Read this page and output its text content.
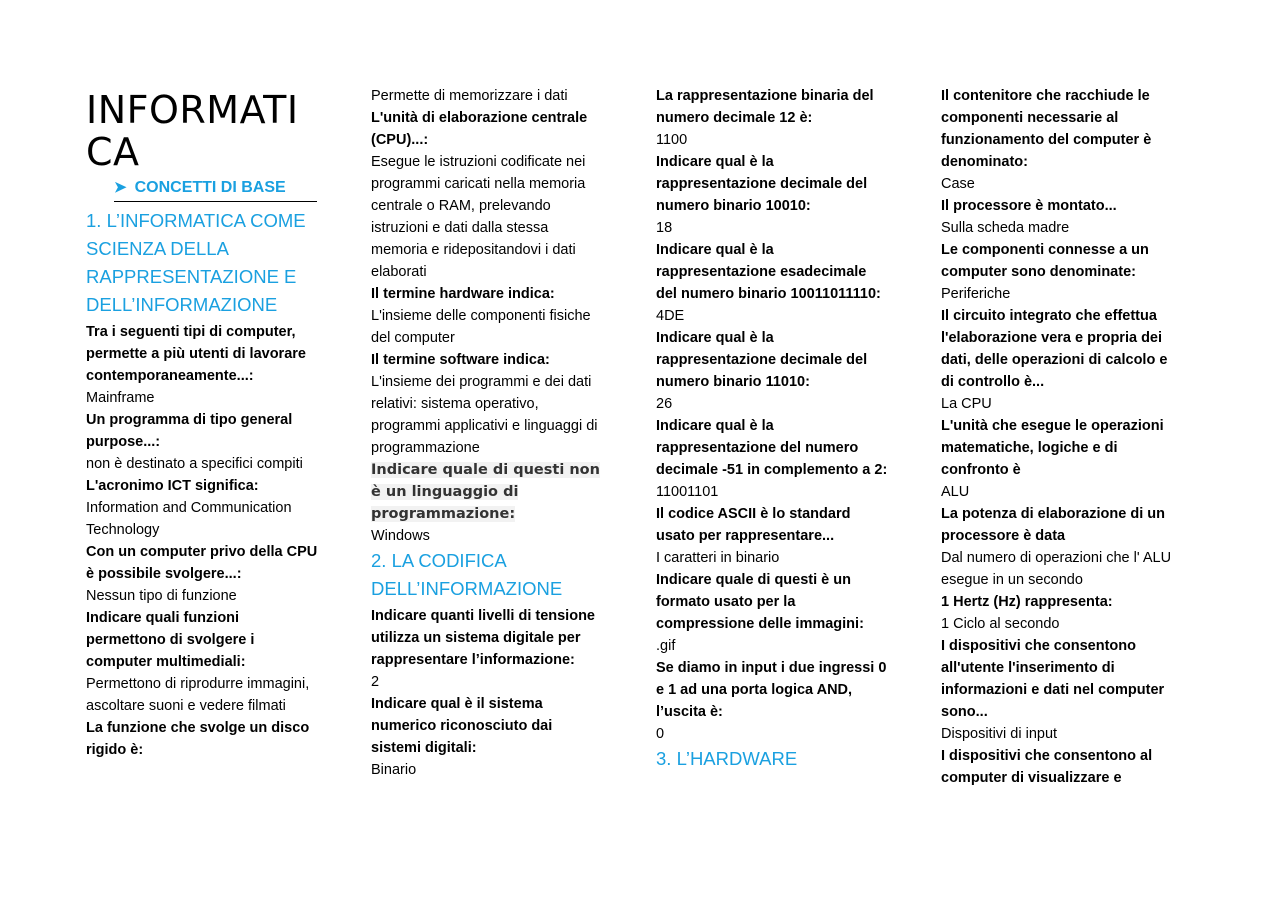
INFORMATI
CA
➤ CONCETTI DI BASE
1. L’INFORMATICA COME SCIENZA DELLA RAPPRESENTAZIONE E DELL’INFORMAZIONE
Tra i seguenti tipi di computer, permette a più utenti di lavorare contemporaneamente...:
Mainframe
Un programma di tipo general purpose...:
non è destinato a specifici compiti
L'acronimo ICT significa:
Information and Communication Technology
Con un computer privo della CPU è possibile svolgere...:
Nessun tipo di funzione
Indicare quali funzioni permettono di svolgere i computer multimediali:
Permettono di riprodurre immagini, ascoltare suoni e vedere filmati
La funzione che svolge un disco rigido è:
Permette di memorizzare i dati
L'unità di elaborazione centrale (CPU)...:
Esegue le istruzioni codificate nei programmi caricati nella memoria centrale o RAM, prelevando istruzioni e dati dalla stessa memoria e ridepositandovi i dati elaborati
Il termine hardware indica:
L'insieme delle componenti fisiche del computer
Il termine software indica:
L'insieme dei programmi e dei dati relativi: sistema operativo, programmi applicativi e linguaggi di programmazione
Indicare quale di questi non è un linguaggio di programmazione:
Windows
2. LA CODIFICA DELL’INFORMAZIONE
Indicare quanti livelli di tensione utilizza un sistema digitale per rappresentare l’informazione:
2
Indicare qual è il sistema numerico riconosciuto dai sistemi digitali:
Binario
La rappresentazione binaria del numero decimale 12 è:
1100
Indicare qual è la rappresentazione decimale del numero binario 10010:
18
Indicare qual è la rappresentazione esadecimale del numero binario 10011011110:
4DE
Indicare qual è la rappresentazione decimale del numero binario 11010:
26
Indicare qual è la rappresentazione del numero decimale -51 in complemento a 2:
11001101
Il codice ASCII è lo standard usato per rappresentare...
I caratteri in binario
Indicare quale di questi è un formato usato per la compressione delle immagini:
.gif
Se diamo in input i due ingressi 0 e 1 ad una porta logica AND, l’uscita è:
0
3. L’HARDWARE
Il contenitore che racchiude le componenti necessarie al funzionamento del computer è denominato:
Case
Il processore è montato...
Sulla scheda madre
Le componenti connesse a un computer sono denominate:
Periferiche
Il circuito integrato che effettua l'elaborazione vera e propria dei dati, delle operazioni di calcolo e di controllo è...
La CPU
L'unità che esegue le operazioni matematiche, logiche e di confronto è
ALU
La potenza di elaborazione di un processore è data
Dal numero di operazioni che l' ALU esegue in un secondo
1 Hertz (Hz) rappresenta:
1 Ciclo al secondo
I dispositivi che consentono all'utente l'inserimento di informazioni e dati nel computer sono...
Dispositivi di input
I dispositivi che consentono al computer di visualizzare e
